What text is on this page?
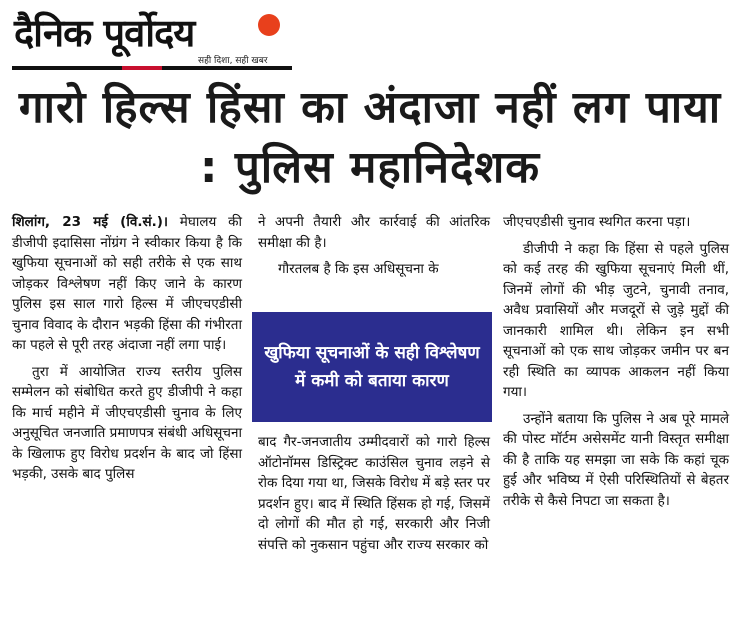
दैनिक पूर्वोदय
सही दिशा, सही खबर
गारो हिल्स हिंसा का अंदाजा नहीं लग पाया : पुलिस महानिदेशक

शिलांग, 23 मई (वि.सं.)। मेघालय की डीजीपी इदासिसा नोंग्रंग ने स्वीकार किया है कि खुफिया सूचनाओं को सही तरीके से एक साथ जोड़कर विश्लेषण नहीं किए जाने के कारण पुलिस इस साल गारो हिल्स में जीएचएडीसी चुनाव विवाद के दौरान भड़की हिंसा की गंभीरता का पहले से पूरी तरह अंदाजा नहीं लगा पाई।

तुरा में आयोजित राज्य स्तरीय पुलिस सम्मेलन को संबोधित करते हुए डीजीपी ने कहा कि मार्च महीने में जीएचएडीसी चुनाव के लिए अनुसूचित जनजाति प्रमाणपत्र संबंधी अधिसूचना के खिलाफ हुए विरोध प्रदर्शन के बाद जो हिंसा भड़की, उसके बाद पुलिस

ने अपनी तैयारी और कार्रवाई की आंतरिक समीक्षा की है।

गौरतलब है कि इस अधिसूचना के

खुफिया सूचनाओं के सही विश्लेषण में कमी को बताया कारण

बाद गैर-जनजातीय उम्मीदवारों को गारो हिल्स ऑटोनॉमस डिस्ट्रिक्ट काउंसिल चुनाव लड़ने से रोक दिया गया था, जिसके विरोध में बड़े स्तर पर प्रदर्शन हुए। बाद में स्थिति हिंसक हो गई, जिसमें दो लोगों की मौत हो गई, सरकारी और निजी संपत्ति को नुकसान पहुंचा और राज्य सरकार को

जीएचएडीसी चुनाव स्थगित करना पड़ा।

डीजीपी ने कहा कि हिंसा से पहले पुलिस को कई तरह की खुफिया सूचनाएं मिली थीं, जिनमें लोगों की भीड़ जुटने, चुनावी तनाव, अवैध प्रवासियों और मजदूरों से जुड़े मुद्दों की जानकारी शामिल थी। लेकिन इन सभी सूचनाओं को एक साथ जोड़कर जमीन पर बन रही स्थिति का व्यापक आकलन नहीं किया गया।

उन्होंने बताया कि पुलिस ने अब पूरे मामले की पोस्ट मॉर्टम असेसमेंट यानी विस्तृत समीक्षा की है ताकि यह समझा जा सके कि कहां चूक हुई और भविष्य में ऐसी परिस्थितियों से बेहतर तरीके से कैसे निपटा जा सकता है।
